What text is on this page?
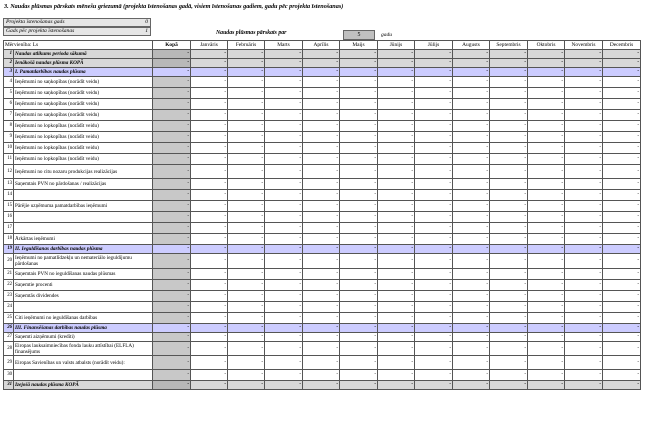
3. Naudas plūsmas pārskats mēnešu griezumā (projekta īstenošanas gadā, visiem īstenošanas gadiem, gadu pēc projekta īstenošanas)
Projekta īstenošanas gads	0
Gads pēc projekta īstenošanas	1	Naudas plūsmas pārskats par	5	gadu
Mērvienība: Ls		Kopā	Janvāris	Februāris	Marts	Aprīlis	Maijs	Jūnijs	Jūlijs	Augusts	Septembris	Oktobris	Novembris	Decembris
1	Naudas atlikums perioda sākumā	-	-	-	-	-	-	-	-	-	-	-	-	-
2	Ienākošā naudas plūsma KOPĀ	-	-	-	-	-	-	-	-	-	-	-	-	-
3	I. Pamatdarbības naudas plūsma	-	-	-	-	-	-	-	-	-	-	-	-	-
4	Ieņēmumi no saņkopības (norādīt veidu)	-	-	-	-	-	-	-	-	-	-	-	-	-
5	Ieņēmumi no saņkopības (norādīt veidu)	-	-	-	-	-	-	-	-	-	-	-	-	-
6	Ieņēmumi no saņkopības (norādīt veidu)	-	-	-	-	-	-	-	-	-	-	-	-	-
7	Ieņēmumi no saņkopības (norādīt veidu)	-	-	-	-	-	-	-	-	-	-	-	-	-
8	Ieņēmumi no lopkopības (norādīt veidu)	-	-	-	-	-	-	-	-	-	-	-	-	-
9	Ieņēmumi no lopkopības (norādīt veidu)	-	-	-	-	-	-	-	-	-	-	-	-	-
10	Ieņēmumi no lopkopības (norādīt veidu)	-	-	-	-	-	-	-	-	-	-	-	-	-
11	Ieņēmumi no lopkopības (norādīt veidu)	-	-	-	-	-	-	-	-	-	-	-	-	-
12	Ieņēmumi no citu nozaru produkcijas realizācijas	-	-	-	-	-	-	-	-	-	-	-	-	-
13	Saņemtais PVN no pārdošanas / realizācijas	-	-	-	-	-	-	-	-	-	-	-	-	-
14		-	-	-	-	-	-	-	-	-	-	-	-	-
15	Pārējie uzņēmuma pamatdarbības ieņēmumi	-	-	-	-	-	-	-	-	-	-	-	-	-
16		-	-	-	-	-	-	-	-	-	-	-	-	-
17		-	-	-	-	-	-	-	-	-	-	-	-	-
18	Ārkārtas ieņēmumi	-	-	-	-	-	-	-	-	-	-	-	-	-
19	II. Ieguldīšanas darbības naudas plūsma	-	-	-	-	-	-	-	-	-	-	-	-	-
20	Ieņēmumi no pamatlīdzekļu un nemateriālo ieguldījumu pārdošanas	-	-	-	-	-	-	-	-	-	-	-	-	-
21	Saņemtais PVN no ieguldīšanas naudas plūsmas	-	-	-	-	-	-	-	-	-	-	-	-	-
22	Saņemtie procenti	-	-	-	-	-	-	-	-	-	-	-	-	-
23	Saņemtās dividendes	-	-	-	-	-	-	-	-	-	-	-	-	-
24		-	-	-	-	-	-	-	-	-	-	-	-	-
25	Citi ieņēmumi no ieguldīšanas darbības	-	-	-	-	-	-	-	-	-	-	-	-	-
26	III. Finansēšanas darbības naudas plūsma	-	-	-	-	-	-	-	-	-	-	-	-	-
27	Saņemti aizņēmumi (kredīti)	-	-	-	-	-	-	-	-	-	-	-	-	-
28	Eiropas lauksaimniecības fonda lauku attīstībai (ELFLA) finansējums	-	-	-	-	-	-	-	-	-	-	-	-	-
29	Eiropas Savienības un valsts atbalsts (norādīt veidu):	-	-	-	-	-	-	-	-	-	-	-	-	-
30		-	-	-	-	-	-	-	-	-	-	-	-	-
31	Izejošā naudas plūsma KOPĀ	-	-	-	-	-	-	-	-	-	-	-	-	-
